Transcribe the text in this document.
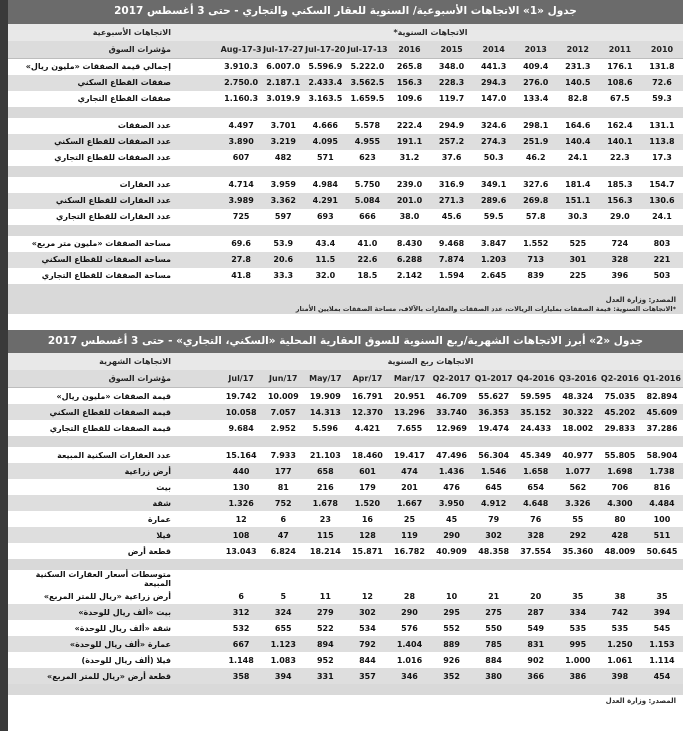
جدول «1» الاتجاهات الأسبوعية/ السنوية للعقار السكني والتجاري - حتى 3 أغسطس 2017
الاتجاهات السنوية*												الاتجاهات الأسبوعية
2010	2011	2012	2013	2014	2015	2016	13-Jul-17	20-Jul-17	27-Jul-17	3-Aug-17		مؤشرات السوق
131.8	176.1	231.3	409.4	441.3	348.0	265.8	5.222.0	5.596.9	6.007.0	3.910.3		إجمالي قيمة الصفقات «مليون ريال»
72.6	108.6	140.5	276.0	294.3	228.3	156.3	3.562.5	2.433.4	2.187.1	2.750.0		صفقات القطاع السكني
59.3	67.5	82.8	133.4	147.0	119.7	109.6	1.659.5	3.163.5	3.019.9	1.160.3		صفقات القطاع التجاري

131.1	162.4	164.6	298.1	324.6	294.9	222.4	5.578	4.666	3.701	4.497		عدد الصفقات
113.8	140.1	140.4	251.9	274.3	257.2	191.1	4.955	4.095	3.219	3.890		عدد الصفقات للقطاع السكني
17.3	22.3	24.1	46.2	50.3	37.6	31.2	623	571	482	607		عدد الصفقات للقطاع التجاري

154.7	185.3	181.4	327.6	349.1	316.9	239.0	5.750	4.984	3.959	4.714		عدد العقارات
130.6	156.3	151.1	269.8	289.6	271.3	201.0	5.084	4.291	3.362	3.989		عدد العقارات للقطاع السكني
24.1	29.0	30.3	57.8	59.5	45.6	38.0	666	693	597	725		عدد العقارات للقطاع التجاري

803	724	525	1.552	3.847	9.468	8.430	41.0	43.4	53.9	69.6		مساحة الصفقات «مليون متر مربع»
221	328	301	713	1.203	7.874	6.288	22.6	11.5	20.6	27.8		مساحة الصفقات للقطاع السكني
503	396	225	839	2.645	1.594	2.142	18.5	32.0	33.3	41.8		مساحة الصفقات للقطاع التجاري

المصدر: وزارة العدل
*الاتجاهات السنوية: قيمة الصفقات بمليارات الريالات، عدد الصفقات والعقارات بالآلاف، مساحة الصفقات بملايين الأمتار												
جدول «2» أبرز الاتجاهات الشهرية/ربع السنوية للسوق العقارية المحلية «السكني، التجاري» - حتى 3 أغسطس 2017
الاتجاهات ربع السنوية												الاتجاهات الشهرية
2016-Q1	2016-Q2	2016-Q3	2016-Q4	2017-Q1	2017-Q2	Mar/17	Apr/17	May/17	Jun/17	Jul/17		مؤشرات السوق
82.894	75.035	48.324	59.595	55.627	46.709	20.951	16.791	19.909	10.009	19.742		قيمة الصفقات «مليون ريال»
45.609	45.202	30.322	35.152	36.353	33.740	13.296	12.370	14.313	7.057	10.058		قيمة الصفقات للقطاع السكني
37.286	29.833	18.002	24.433	19.474	12.969	7.655	4.421	5.596	2.952	9.684		قيمة الصفقات للقطاع التجاري

58.904	55.805	40.977	45.349	56.304	47.496	19.417	18.460	21.103	7.933	15.164		عدد العقارات السكنية المبيعة
1.738	1.698	1.077	1.658	1.546	1.436	474	601	658	177	440		أرض زراعية
816	706	562	654	645	476	201	179	216	81	130		بيت
4.484	4.300	3.326	4.648	4.912	3.950	1.667	1.520	1.678	752	1.326		شقة
100	80	55	76	79	45	25	16	23	6	12		عمارة
511	428	292	328	302	290	119	128	115	47	108		فيلا
50.645	48.009	35.360	37.554	48.358	40.909	16.782	15.871	18.214	6.824	13.043		قطعة أرض

												متوسطات أسعار العقارات السكنية المبيعة
35	38	35	20	21	10	28	12	11	5	6		أرض زراعية «ريال للمتر المربع»
394	742	334	287	275	295	290	302	279	324	312		بيت «ألف ريال للوحدة»
545	535	535	549	550	552	576	534	522	655	532		شقة «ألف ريال للوحدة»
1.153	1.250	995	831	785	889	1.404	792	894	1.123	667		عمارة «ألف ريال للوحدة»
1.114	1.061	1.000	902	884	926	1.016	844	952	1.083	1.148		فيلا (ألف ريال للوحدة)
454	398	386	366	380	352	346	357	331	394	358		قطعة أرض «ريال للمتر المربع»

المصدر: وزارة العدل												
